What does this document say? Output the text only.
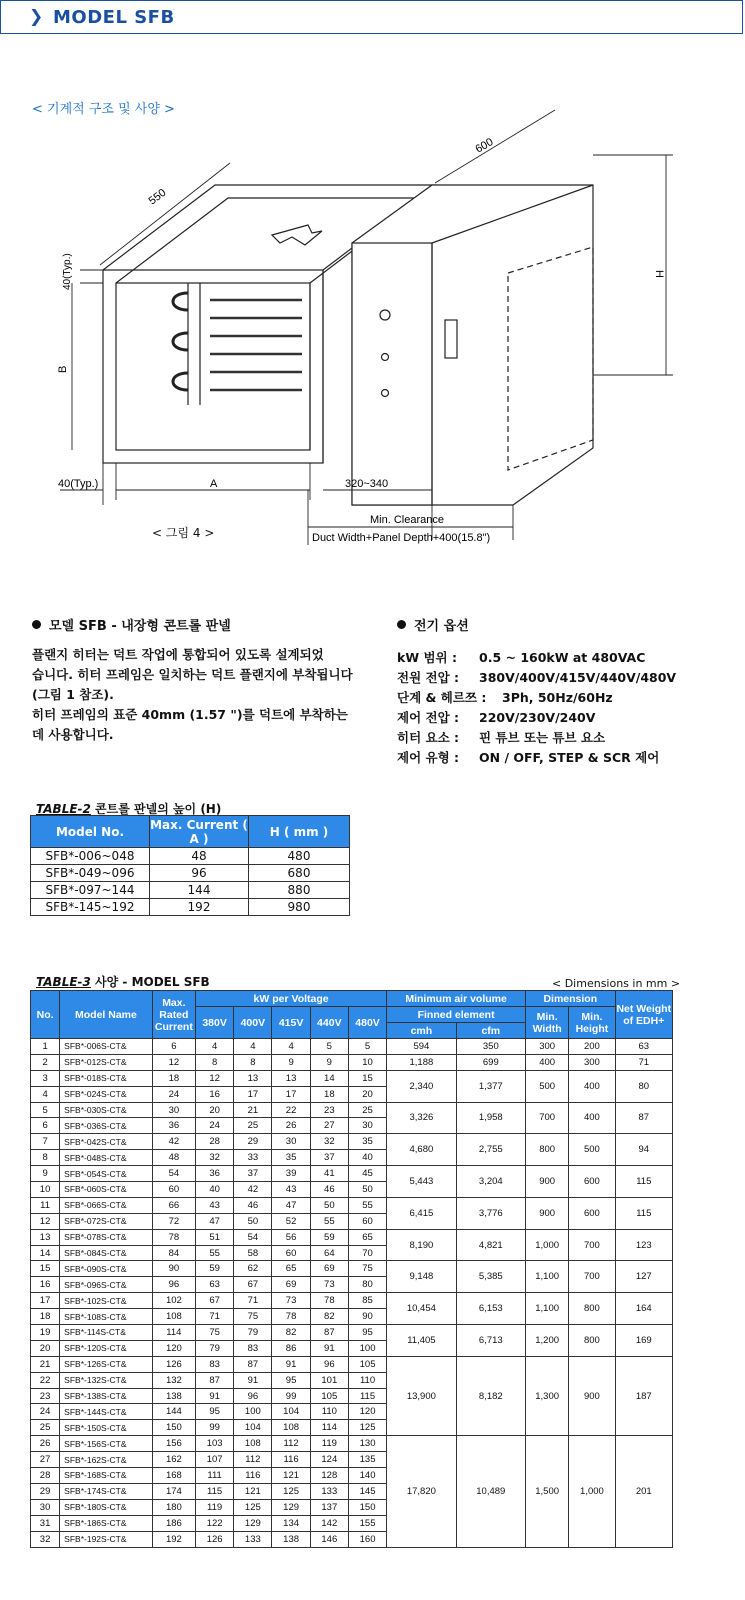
❯ MODEL SFB
< 기계적 구조 및 사양 >
550
600
H
40(Typ.)
B
40(Typ.)	A	320~340
Min. Clearance
Duct Width+Panel Depth+400(15.8")
< 그림 4 >
모델 SFB - 내장형 콘트롤 판넬
플랜지 히터는 덕트 작업에 통합되어 있도록 설계되었
습니다. 히터 프레임은 일치하는 덕트 플랜지에 부착됩니다
(그림 1 참조).
히터 프레임의 표준 40mm (1.57 ")를 덕트에 부착하는
데 사용합니다.
전기 옵션
kW 범위 : 0.5 ~ 160kW at 480VAC
전원 전압 : 380V/400V/415V/440V/480V
단계 & 헤르쯔 : 3Ph, 50Hz/60Hz
제어 전압 : 220V/230V/240V
히터 요소 : 핀 튜브 또는 튜브 요소
제어 유형 : ON / OFF, STEP & SCR 제어
TABLE-2 콘트롤 판넬의 높이 (H)
Model No.	Max. Current ( A )	H ( mm )
SFB*-006~048	48	480
SFB*-049~096	96	680
SFB*-097~144	144	880
SFB*-145~192	192	980
TABLE-3 사양 - MODEL SFB	< Dimensions in mm >
No.	Model Name	Max. Rated Current	kW per Voltage					Minimum air volume		Dimension		Net Weight of EDH+
			380V	400V	415V	440V	480V	Finned element		Min. Width	Min. Height	
								cmh	cfm			
1	SFB*-006S-CT&	6	4	4	4	5	5	594	350	300	200	63
2	SFB*-012S-CT&	12	8	8	9	9	10	1,188	699	400	300	71
3	SFB*-018S-CT&	18	12	13	13	14	15	2,340	1,377	500	400	80
4	SFB*-024S-CT&	24	16	17	17	18	20					
5	SFB*-030S-CT&	30	20	21	22	23	25	3,326	1,958	700	400	87
6	SFB*-036S-CT&	36	24	25	26	27	30					
7	SFB*-042S-CT&	42	28	29	30	32	35	4,680	2,755	800	500	94
8	SFB*-048S-CT&	48	32	33	35	37	40					
9	SFB*-054S-CT&	54	36	37	39	41	45	5,443	3,204	900	600	115
10	SFB*-060S-CT&	60	40	42	43	46	50					
11	SFB*-066S-CT&	66	43	46	47	50	55	6,415	3,776	900	600	115
12	SFB*-072S-CT&	72	47	50	52	55	60					
13	SFB*-078S-CT&	78	51	54	56	59	65	8,190	4,821	1,000	700	123
14	SFB*-084S-CT&	84	55	58	60	64	70					
15	SFB*-090S-CT&	90	59	62	65	69	75	9,148	5,385	1,100	700	127
16	SFB*-096S-CT&	96	63	67	69	73	80					
17	SFB*-102S-CT&	102	67	71	73	78	85	10,454	6,153	1,100	800	164
18	SFB*-108S-CT&	108	71	75	78	82	90					
19	SFB*-114S-CT&	114	75	79	82	87	95	11,405	6,713	1,200	800	169
20	SFB*-120S-CT&	120	79	83	86	91	100					
21	SFB*-126S-CT&	126	83	87	91	96	105	13,900	8,182	1,300	900	187
22	SFB*-132S-CT&	132	87	91	95	101	110					
23	SFB*-138S-CT&	138	91	96	99	105	115					
24	SFB*-144S-CT&	144	95	100	104	110	120					
25	SFB*-150S-CT&	150	99	104	108	114	125					
26	SFB*-156S-CT&	156	103	108	112	119	130	17,820	10,489	1,500	1,000	201
27	SFB*-162S-CT&	162	107	112	116	124	135					
28	SFB*-168S-CT&	168	111	116	121	128	140					
29	SFB*-174S-CT&	174	115	121	125	133	145					
30	SFB*-180S-CT&	180	119	125	129	137	150					
31	SFB*-186S-CT&	186	122	129	134	142	155					
32	SFB*-192S-CT&	192	126	133	138	146	160					
